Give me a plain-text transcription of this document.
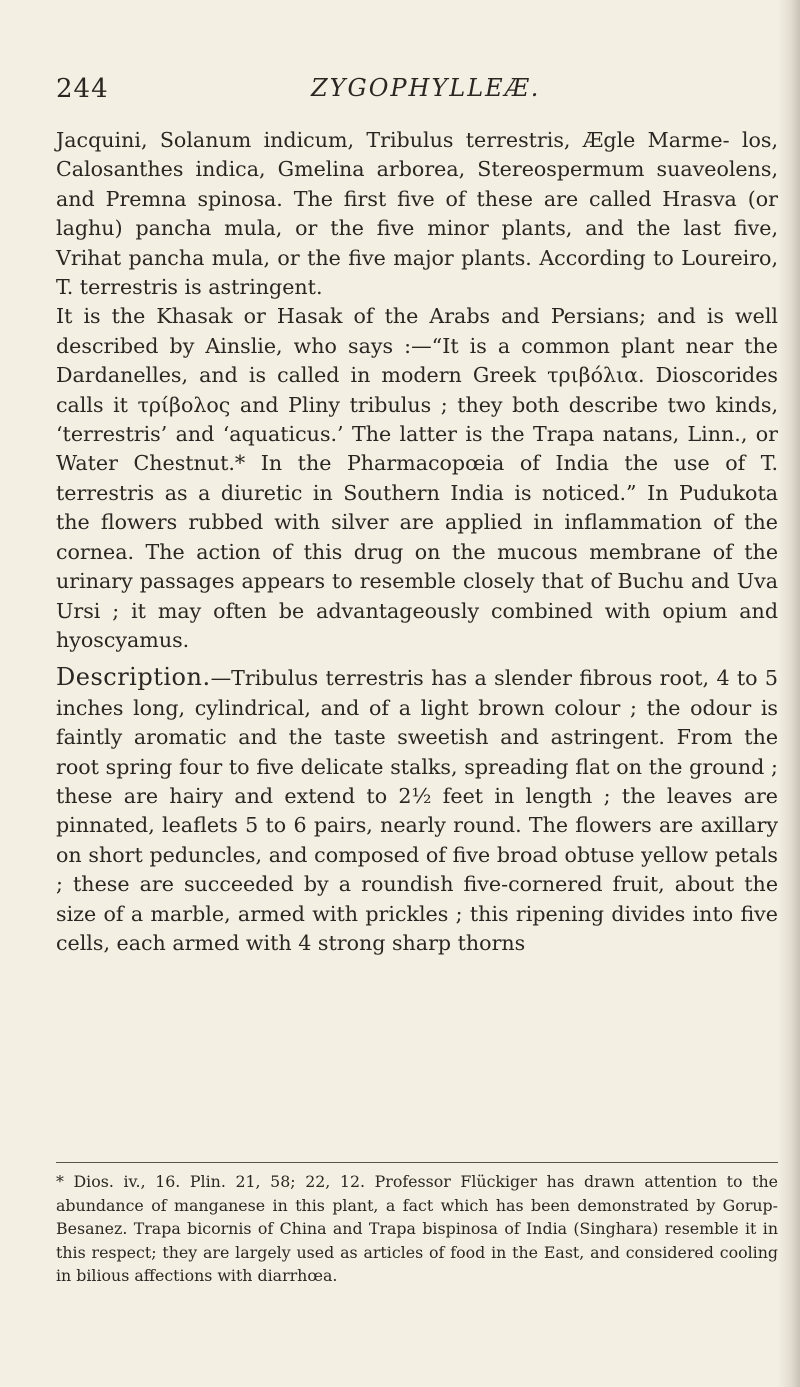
244	ZYGOPHYLLEÆ.

Jacquini, Solanum indicum, Tribulus terrestris, Ægle Marme- los, Calosanthes indica, Gmelina arborea, Stereospermum suaveolens, and Premna spinosa. The first five of these are called Hrasva (or laghu) pancha mula, or the five minor plants, and the last five, Vrihat pancha mula, or the five major plants. According to Loureiro, T. terrestris is astringent.

It is the Khasak or Hasak of the Arabs and Persians; and is well described by Ainslie, who says :—“It is a common plant near the Dardanelles, and is called in modern Greek τριβόλια. Dioscorides calls it τρίβολος and Pliny tribulus ; they both describe two kinds, ‘terrestris’ and ‘aquaticus.’ The latter is the Trapa natans, Linn., or Water Chestnut.* In the Pharmacopœia of India the use of T. terrestris as a diuretic in Southern India is noticed.” In Pudukota the flowers rubbed with silver are applied in inflammation of the cornea. The action of this drug on the mucous membrane of the urinary passages appears to resemble closely that of Buchu and Uva Ursi ; it may often be advantageously combined with opium and hyoscyamus.

Description.—Tribulus terrestris has a slender fibrous root, 4 to 5 inches long, cylindrical, and of a light brown colour ; the odour is faintly aromatic and the taste sweetish and astringent. From the root spring four to five delicate stalks, spreading flat on the ground ; these are hairy and extend to 2½ feet in length ; the leaves are pinnated, leaflets 5 to 6 pairs, nearly round. The flowers are axillary on short peduncles, and composed of five broad obtuse yellow petals ; these are succeeded by a roundish five-cornered fruit, about the size of a marble, armed with prickles ; this ripening divides into five cells, each armed with 4 strong sharp thorns

* Dios. iv., 16. Plin. 21, 58; 22, 12. Professor Flückiger has drawn attention to the abundance of manganese in this plant, a fact which has been demonstrated by Gorup-Besanez. Trapa bicornis of China and Trapa bispinosa of India (Singhara) resemble it in this respect; they are largely used as articles of food in the East, and considered cooling in bilious affections with diarrhœa.
